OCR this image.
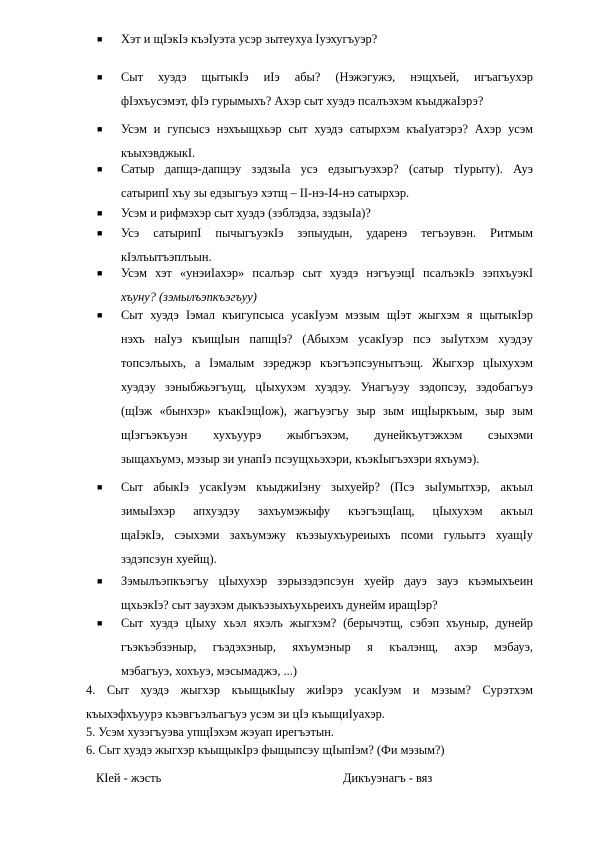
■ Хэт и щIэкIэ къэIуэта усэр зытеухуа Iуэхугъуэр?
■ Сыт хуэдэ щытыкIэ иIэ абы? (Нэжэгужэ, нэщхъей, игъагъухэр
фIэхъусэмэт, фIэ гурымыхъ? Ахэр сыт хуэдэ псалъэхэм къыджаIэрэ?
■ Усэм и гупсысэ нэхъыщхьэр сыт хуэдэ сатырхэм къаIуатэрэ? Ахэр усэм
къыхэвджыкI.
■ Сатыр дапщэ-дапщэу зэдзыIа усэ едзыгъуэхэр? (сатыр тIурыту). Ауэ
сатырипI хъу зы едзыгъуэ хэтщ – II-нэ-I4-нэ сатырхэр.
■ Усэм и рифмэхэр сыт хуэдэ (зэблэдза, зэдзыIа)?
■ Усэ сатырипI пычыгъуэкIэ зэпыудын, ударенэ тегъэувэн. Ритмым
кIэлъытъэплъын.
■ Усэм хэт «унэиIахэр» псалъэр сыт хуэдэ нэгъуэщI псалъэкIэ зэпхъуэкI
хъуну? (зэмылъэпкъэгъуу)
■ Сыт хуэдэ Iэмал къигупсыса усакIуэм мэзым щIэт жыгхэм я щытыкIэр
нэхъ наIуэ къищIын папщIэ? (Абыхэм усакIуэр псэ зыIутхэм хуэдэу
топсэлъыхъ, а Iэмалым зэреджэр къэгъэпсэунытъэщ. Жыгхэр цIыхухэм
хуэдэу зэныбжьэгъущ, цIыхухэм хуэдэу. Унагъуэу зэдопсэу, зэдобагъуэ
(щIэж «бынхэр» къакIэщIож), жагъуэгъу зыр зым ищIыркъым, зыр зым
щIэгъэкъуэн хухъуурэ жыбгъэхэм, дунейкъутэжхэм сэыхэми
зыщахъумэ, мэзыр зи унапIэ псэущхьэхэри, къэкIыгъэхэри яхъумэ).
■ Сыт абыкIэ усакIуэм къыджиIэну зыхуейр? (Псэ зыIумытхэр, акъыл
зимыIэхэр апхуэдэу захъумэжыфу къэгъэщIащ, цIыхухэм акъыл
щаIэкIэ, сэыхэми захъумэжу къэзыухъуреиыхъ псоми гульытэ хуащIу
зэдэпсэун хуейщ).
■ Зэмылъэпкъэгъу цIыхухэр зэрызэдэпсэун хуейр дауэ зауэ къэмыхъеин
щхьэкIэ? сыт зауэхэм дыкъэзыхъухьреихъ дунейм иращIэр?
■ Сыт хуэдэ цIыху хьэл яхэлъ жыгхэм? (берычэтщ, сэбэп хъуныр, дунейр
гъэкъэбзэныр, гъэдэхэныр, яхъумэныр я къалэнщ, ахэр мэбауэ,
мэбагъуэ, хохъуэ, мэсымаджэ, ...)
4. Сыт хуэдэ жыгхэр къыщыкIыу жиIэрэ усакIуэм и мэзым? Сурэтхэм
къыхэфхъуурэ къэвгъэлъагъуэ усэм зи цIэ къыщиIуахэр.
5. Усэм хузэгъуэва упщIэхэм жэуап ирегъэтын.
6. Сыт хуэдэ жыгхэр къыщыкIрэ фыщыпсэу щIыпIэм? (Фи мэзым?)
КIей - жэсть	Дикъуэнагъ - вяз
